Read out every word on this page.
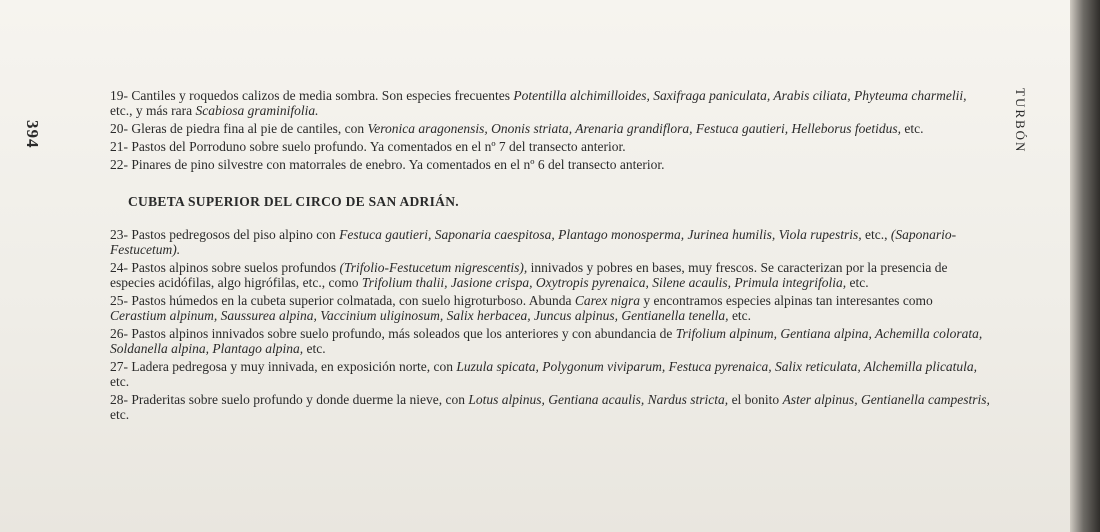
394	TURBÓN
19- Cantiles y roquedos calizos de media sombra. Son especies frecuentes Potentilla alchimilloides, Saxifraga paniculata, Arabis ciliata, Phyteuma charmelii, etc., y más rara Scabiosa graminifolia.
20- Gleras de piedra fina al pie de cantiles, con Veronica aragonensis, Ononis striata, Arenaria grandiflora, Festuca gautieri, Helleborus foetidus, etc.
21- Pastos del Porroduno sobre suelo profundo. Ya comentados en el nº 7 del transecto anterior.
22- Pinares de pino silvestre con matorrales de enebro. Ya comentados en el nº 6 del transecto anterior.
CUBETA SUPERIOR DEL CIRCO DE SAN ADRIÁN.
23- Pastos pedregosos del piso alpino con Festuca gautieri, Saponaria caespitosa, Plantago monosperma, Jurinea humilis, Viola rupestris, etc., (Saponario-Festucetum).
24- Pastos alpinos sobre suelos profundos (Trifolio-Festucetum nigrescentis), innivados y pobres en bases, muy frescos. Se caracterizan por la presencia de especies acidófilas, algo higrófilas, etc., como Trifolium thalii, Jasione crispa, Oxytropis pyrenaica, Silene acaulis, Primula integrifolia, etc.
25- Pastos húmedos en la cubeta superior colmatada, con suelo higroturboso. Abunda Carex nigra y encontramos especies alpinas tan interesantes como Cerastium alpinum, Saussurea alpina, Vaccinium uliginosum, Salix herbacea, Juncus alpinus, Gentianella tenella, etc.
26- Pastos alpinos innivados sobre suelo profundo, más soleados que los anteriores y con abundancia de Trifolium alpinum, Gentiana alpina, Achemilla colorata, Soldanella alpina, Plantago alpina, etc.
27- Ladera pedregosa y muy innivada, en exposición norte, con Luzula spicata, Polygonum viviparum, Festuca pyrenaica, Salix reticulata, Alchemilla plicatula, etc.
28- Praderitas sobre suelo profundo y donde duerme la nieve, con Lotus alpinus, Gentiana acaulis, Nardus stricta, el bonito Aster alpinus, Gentianella campestris, etc.
